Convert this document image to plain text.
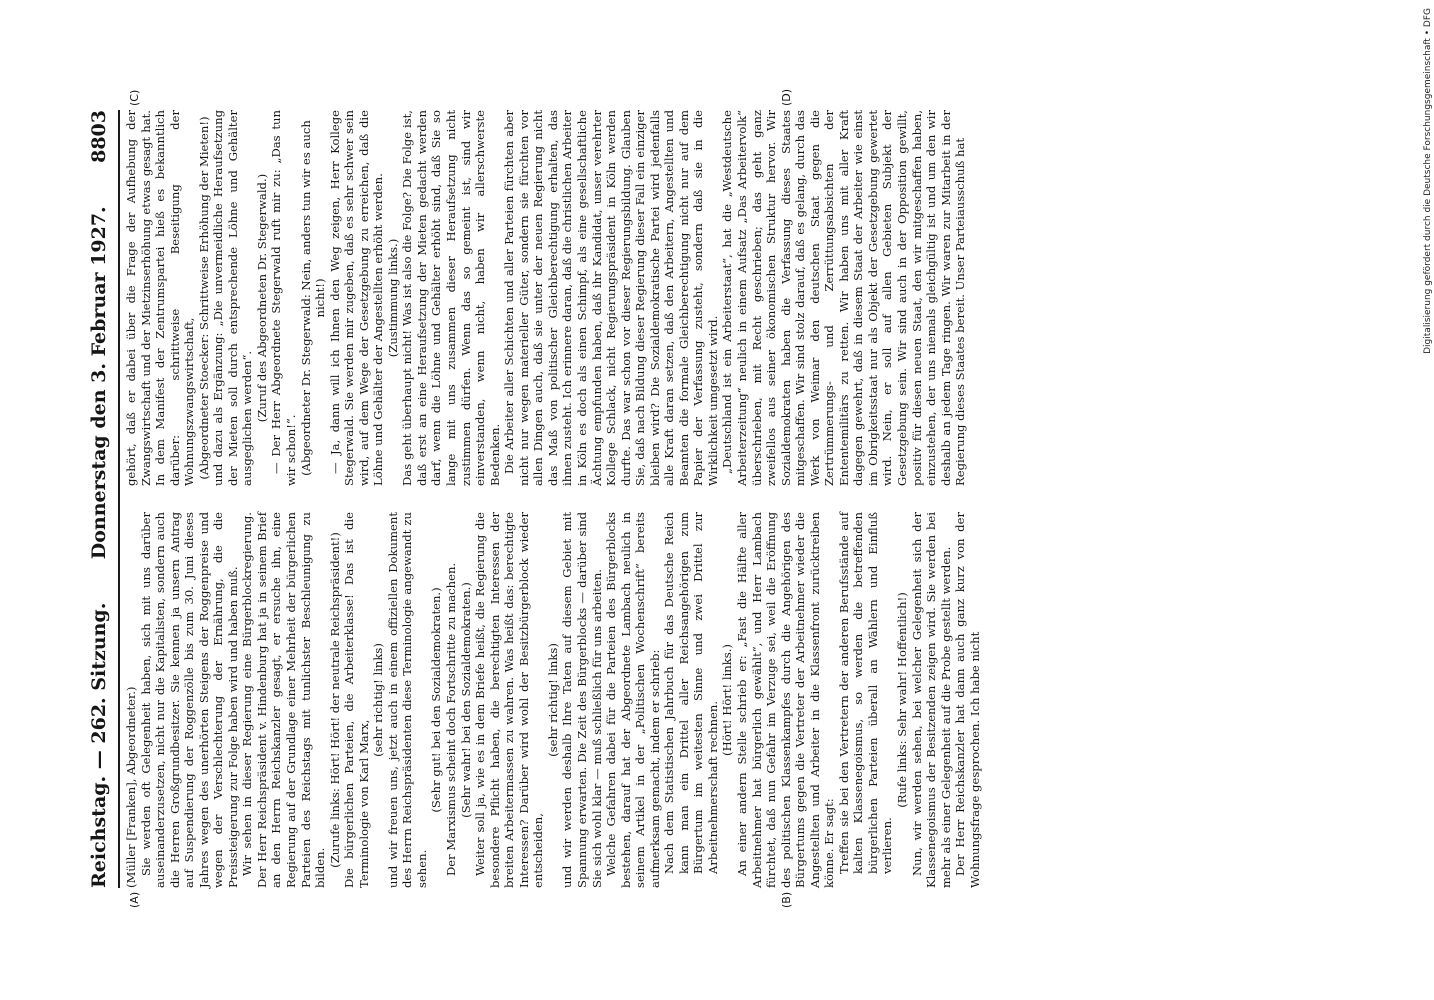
Reichstag. — 262. Sitzung.
Donnerstag den 3. Februar 1927.
8803
(A)	(B)
(C)	(D)

(Müller [Franken], Abgeordneter.) Sie werden oft Gelegenheit haben, sich mit uns darüber auseinanderzusetzen, nicht nur die Kapitalisten, sondern auch die Herren Großgrundbesitzer. Sie kennen ja unsern Antrag auf Suspendierung der Roggenzölle bis zum 30. Juni dieses Jahres wegen des unerhörten Steigens der Roggenpreise und wegen der Verschlechterung der Ernährung, die die Preissteigerung zur Folge haben wird und haben muß. Wir sehen in dieser Regierung eine Bürgerblockregierung. Der Herr Reichspräsident v. Hindenburg hat ja in seinem Brief an den Herrn Reichskanzler gesagt, er ersuche ihn, eine Regierung auf der Grundlage einer Mehrheit der bürgerlichen Parteien des Reichstags mit tunlichster Beschleunigung zu bilden.

(Zurufe links: Hört! Hört! der neutrale Reichspräsident!) Die bürgerlichen Parteien, die Arbeiterklasse! Das ist die Terminologie von Karl Marx,

(sehr richtig! links) und wir freuen uns, jetzt auch in einem offiziellen Dokument des Herrn Reichspräsidenten diese Terminologie angewandt zu sehen.

(Sehr gut! bei den Sozialdemokraten.) Der Marxismus scheint doch Fortschritte zu machen. (Sehr wahr! bei den Sozialdemokraten.) Weiter soll ja, wie es in dem Briefe heißt, die Regierung die besondere Pflicht haben, die berechtigten Interessen der breiten Arbeitermassen zu wahren. Was heißt das: berechtigte Interessen? Darüber wird wohl der Besitzbürgerblock wieder entscheiden,

(sehr richtig! links) und wir werden deshalb Ihre Taten auf diesem Gebiet mit Spannung erwarten. Die Zeit des Bürgerblocks — darüber sind Sie sich wohl klar — muß schließlich für uns arbeiten. Welche Gefahren dabei für die Parteien des Bürgerblocks bestehen, darauf hat der Abgeordnete Lambach neulich in seinem Artikel in der „Politischen Wochenschrift“ bereits aufmerksam gemacht, indem er schrieb: Nach dem Statistischen Jahrbuch für das Deutsche Reich kann man ein Drittel aller Reichsangehörigen zum Bürgertum im weitesten Sinne und zwei Drittel zur Arbeitnehmerschaft rechnen.

(Hört! Hört! links.) An einer andern Stelle schrieb er: „Fast die Hälfte aller Arbeitnehmer hat bürgerlich gewählt“, und Herr Lambach fürchtet, daß nun Gefahr im Verzuge sei, weil die Eröffnung des politischen Klassenkampfes durch die Angehörigen des Bürgertums gegen die Vertreter der Arbeitnehmer wieder die Angestellten und Arbeiter in die Klassenfront zurücktreiben könne. Er sagt: Treffen sie bei den Vertretern der anderen Berufsstände auf kalten Klassenegoismus, so werden die betreffenden bürgerlichen Parteien überall an Wählern und Einfluß verlieren.

(Rufe links: Sehr wahr! Hoffentlich!) Nun, wir werden sehen, bei welcher Gelegenheit sich der Klassenegoismus der Besitzenden zeigen wird. Sie werden bei mehr als einer Gelegenheit auf die Probe gestellt werden. Der Herr Reichskanzler hat dann auch ganz kurz von der Wohnungsfrage gesprochen. Ich habe nicht

gehört, daß er dabei über die Frage der Aufhebung der Zwangswirtschaft und der Mietzinserhöhung etwas gesagt hat. In dem Manifest der Zentrumspartei hieß es bekanntlich darüber: schrittweise Beseitigung der Wohnungszwangswirtschaft, (Abgeordneter Stoecker: Schrittweise Erhöhung der Mieten!) und dazu als Ergänzung: „Die unvermeidliche Heraufsetzung der Mieten soll durch entsprechende Löhne und Gehälter ausgeglichen werden“. (Zuruf des Abgeordneten Dr. Stegerwald.) — Der Herr Abgeordnete Stegerwald ruft mir zu: „Das tun wir schon!“. (Abgeordneter Dr. Stegerwald: Nein, anders tun wir es auch nicht!) — Ja, dann will ich Ihnen den Weg zeigen, Herr Kollege Stegerwald. Sie werden mir zugeben, daß es sehr schwer sein wird, auf dem Wege der Gesetzgebung zu erreichen, daß die Löhne und Gehälter der Angestellten erhöht werden. (Zustimmung links.) Das geht überhaupt nicht! Was ist also die Folge? Die Folge ist, daß erst an eine Heraufsetzung der Mieten gedacht werden darf, wenn die Löhne und Gehälter erhöht sind, daß Sie so lange mit uns zusammen dieser Heraufsetzung nicht zustimmen dürfen. Wenn das so gemeint ist, sind wir einverstanden, wenn nicht, haben wir allerschwerste Bedenken. Die Arbeiter aller Schichten und aller Parteien fürchten aber nicht nur wegen materieller Güter, sondern sie fürchten vor allen Dingen auch, daß sie unter der neuen Regierung nicht das Maß von politischer Gleichberechtigung erhalten, das ihnen zusteht. Ich erinnere daran, daß die christlichen Arbeiter in Köln es doch als einen Schimpf, als eine gesellschaftliche Ächtung empfunden haben, daß ihr Kandidat, unser verehrter Kollege Schlack, nicht Regierungspräsident in Köln werden durfte. Das war schon vor dieser Regierungsbildung. Glauben Sie, daß nach Bildung dieser Regierung dieser Fall ein einziger bleiben wird? Die Sozialdemokratische Partei wird jedenfalls alle Kraft daran setzen, daß den Arbeitern, Angestellten und Beamten die formale Gleichberechtigung nicht nur auf dem Papier der Verfassung zusteht, sondern daß sie in die Wirklichkeit umgesetzt wird. „Deutschland ist ein Arbeiterstaat“, hat die „Westdeutsche Arbeiterzeitung“ neulich in einem Aufsatz „Das Arbeitervolk“ überschrieben, mit Recht geschrieben; das geht ganz zweifellos aus seiner ökonomischen Struktur hervor. Wir Sozialdemokraten haben die Verfassung dieses Staates mitgeschaffen. Wir sind stolz darauf, daß es gelang, durch das Werk von Weimar den deutschen Staat gegen die Zertrümmerungs- und Zerrüttungsabsichten der Ententemilitärs zu retten. Wir haben uns mit aller Kraft dagegen gewehrt, daß in diesem Staat der Arbeiter wie einst im Obrigkeitsstaat nur als Objekt der Gesetzgebung gewertet wird. Nein, er soll auf allen Gebieten Subjekt der Gesetzgebung sein. Wir sind auch in der Opposition gewillt, positiv für diesen neuen Staat, den wir mitgeschaffen haben, einzustehen, der uns niemals gleichgültig ist und um den wir deshalb an jedem Tage ringen. Wir waren zur Mitarbeit in der Regierung dieses Staates bereit. Unser Parteiausschuß hat	Digitalisierung gefördert durch die Deutsche Forschungsgemeinschaft • DFG
